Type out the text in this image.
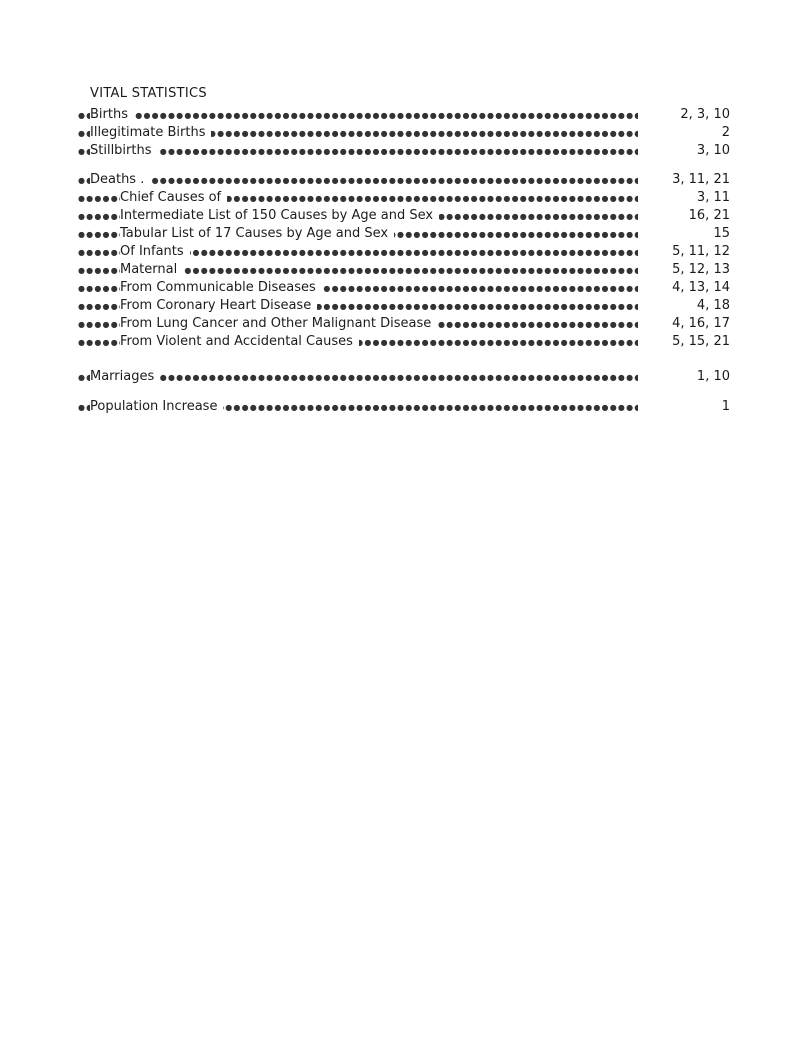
VITAL STATISTICS
●●●●●●●●●●●●●●●●●●●●●●●●●●●●●●●●●●●●●●●●●●●●●●●●●●●●●●●●●●●●●●●●●●●●●●●●●●●●●●●●●●●●●●●●●●●●●●
Births	2, 3, 10
●●●●●●●●●●●●●●●●●●●●●●●●●●●●●●●●●●●●●●●●●●●●●●●●●●●●●●●●●●●●●●●●●●●●●●●●●●●●●●●●●●●●●●●●●●●●●●
Illegitimate Births	2
●●●●●●●●●●●●●●●●●●●●●●●●●●●●●●●●●●●●●●●●●●●●●●●●●●●●●●●●●●●●●●●●●●●●●●●●●●●●●●●●●●●●●●●●●●●●●●
Stillbirths	3, 10
●●●●●●●●●●●●●●●●●●●●●●●●●●●●●●●●●●●●●●●●●●●●●●●●●●●●●●●●●●●●●●●●●●●●●●●●●●●●●●●●●●●●●●●●●●●●●●
Deaths .	3, 11, 21
●●●●●●●●●●●●●●●●●●●●●●●●●●●●●●●●●●●●●●●●●●●●●●●●●●●●●●●●●●●●●●●●●●●●●●●●●●●●●●●●●●●●●●●●●●●●●●
Chief Causes of	3, 11
●●●●●●●●●●●●●●●●●●●●●●●●●●●●●●●●●●●●●●●●●●●●●●●●●●●●●●●●●●●●●●●●●●●●●●●●●●●●●●●●●●●●●●●●●●●●●●
Intermediate List of 150 Causes by Age and Sex	16, 21
●●●●●●●●●●●●●●●●●●●●●●●●●●●●●●●●●●●●●●●●●●●●●●●●●●●●●●●●●●●●●●●●●●●●●●●●●●●●●●●●●●●●●●●●●●●●●●
Tabular List of 17 Causes by Age and Sex	15
●●●●●●●●●●●●●●●●●●●●●●●●●●●●●●●●●●●●●●●●●●●●●●●●●●●●●●●●●●●●●●●●●●●●●●●●●●●●●●●●●●●●●●●●●●●●●●
Of Infants	5, 11, 12
●●●●●●●●●●●●●●●●●●●●●●●●●●●●●●●●●●●●●●●●●●●●●●●●●●●●●●●●●●●●●●●●●●●●●●●●●●●●●●●●●●●●●●●●●●●●●●
Maternal	5, 12, 13
●●●●●●●●●●●●●●●●●●●●●●●●●●●●●●●●●●●●●●●●●●●●●●●●●●●●●●●●●●●●●●●●●●●●●●●●●●●●●●●●●●●●●●●●●●●●●●
From Communicable Diseases	4, 13, 14
●●●●●●●●●●●●●●●●●●●●●●●●●●●●●●●●●●●●●●●●●●●●●●●●●●●●●●●●●●●●●●●●●●●●●●●●●●●●●●●●●●●●●●●●●●●●●●
From Coronary Heart Disease	4, 18
●●●●●●●●●●●●●●●●●●●●●●●●●●●●●●●●●●●●●●●●●●●●●●●●●●●●●●●●●●●●●●●●●●●●●●●●●●●●●●●●●●●●●●●●●●●●●●
From Lung Cancer and Other Malignant Disease	4, 16, 17
●●●●●●●●●●●●●●●●●●●●●●●●●●●●●●●●●●●●●●●●●●●●●●●●●●●●●●●●●●●●●●●●●●●●●●●●●●●●●●●●●●●●●●●●●●●●●●
From Violent and Accidental Causes	5, 15, 21
●●●●●●●●●●●●●●●●●●●●●●●●●●●●●●●●●●●●●●●●●●●●●●●●●●●●●●●●●●●●●●●●●●●●●●●●●●●●●●●●●●●●●●●●●●●●●●
Marriages	1, 10
●●●●●●●●●●●●●●●●●●●●●●●●●●●●●●●●●●●●●●●●●●●●●●●●●●●●●●●●●●●●●●●●●●●●●●●●●●●●●●●●●●●●●●●●●●●●●●
Population Increase	1
